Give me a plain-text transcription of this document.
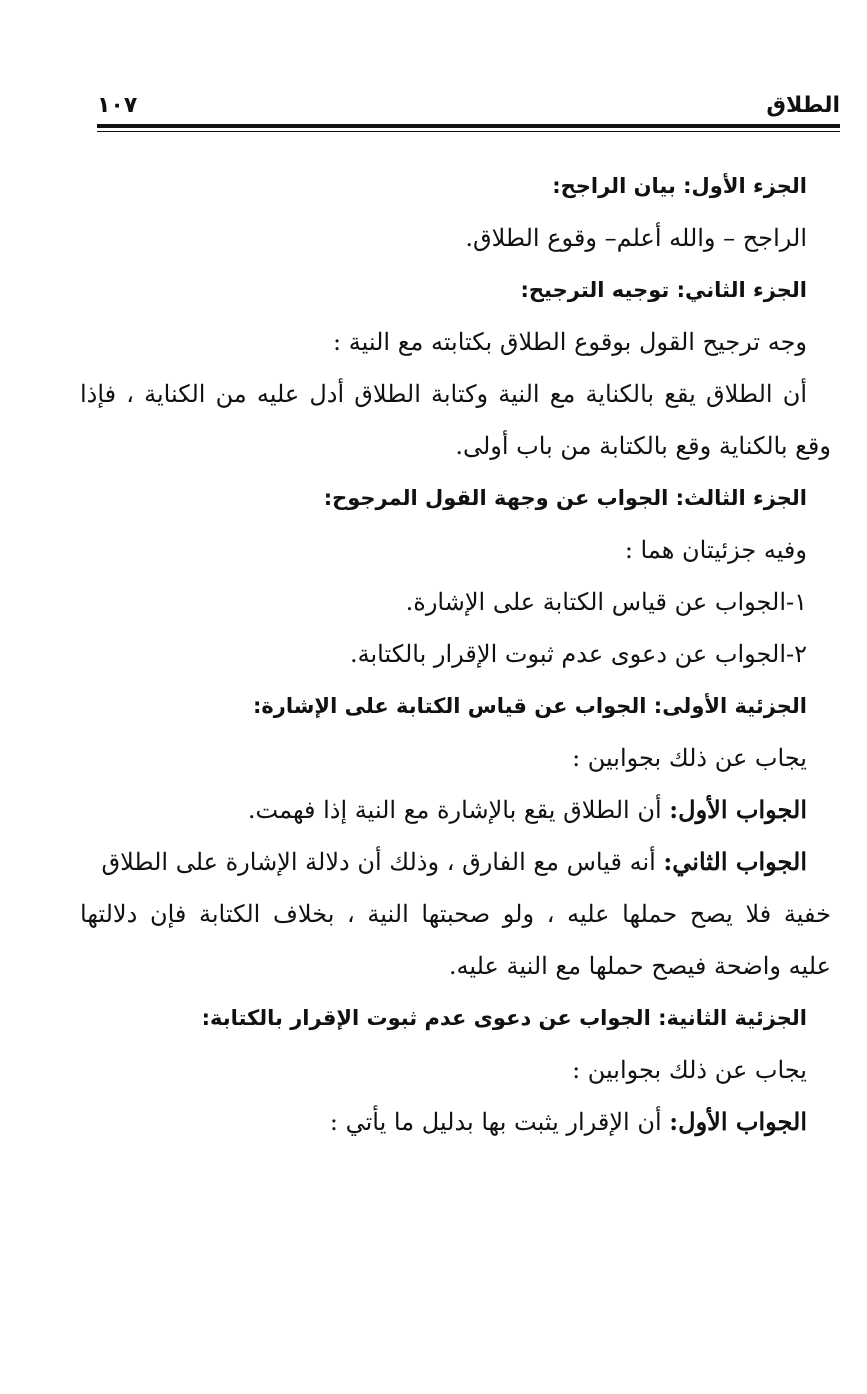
الطلاق
١٠٧
الجزء الأول: بيان الراجح:
الراجح – والله أعلم– وقوع الطلاق.
الجزء الثاني: توجيه الترجيح:
وجه ترجيح القول بوقوع الطلاق بكتابته مع النية :
أن الطلاق يقع بالكناية مع النية وكتابة الطلاق أدل عليه من الكناية ، فإذا
وقع بالكناية وقع بالكتابة من باب أولى.
الجزء الثالث: الجواب عن وجهة القول المرجوح:
وفيه جزئيتان هما :
١-الجواب عن قياس الكتابة على الإشارة.
٢-الجواب عن دعوى عدم ثبوت الإقرار بالكتابة.
الجزئية الأولى: الجواب عن قياس الكتابة على الإشارة:
يجاب عن ذلك بجوابين :
الجواب الأول: أن الطلاق يقع بالإشارة مع النية إذا فهمت.
الجواب الثاني: أنه قياس مع الفارق ، وذلك أن دلالة الإشارة على الطلاق
خفية فلا يصح حملها عليه ، ولو صحبتها النية ، بخلاف الكتابة فإن دلالتها
عليه واضحة فيصح حملها مع النية عليه.
الجزئية الثانية: الجواب عن دعوى عدم ثبوت الإقرار بالكتابة:
يجاب عن ذلك بجوابين :
الجواب الأول: أن الإقرار يثبت بها بدليل ما يأتي :
